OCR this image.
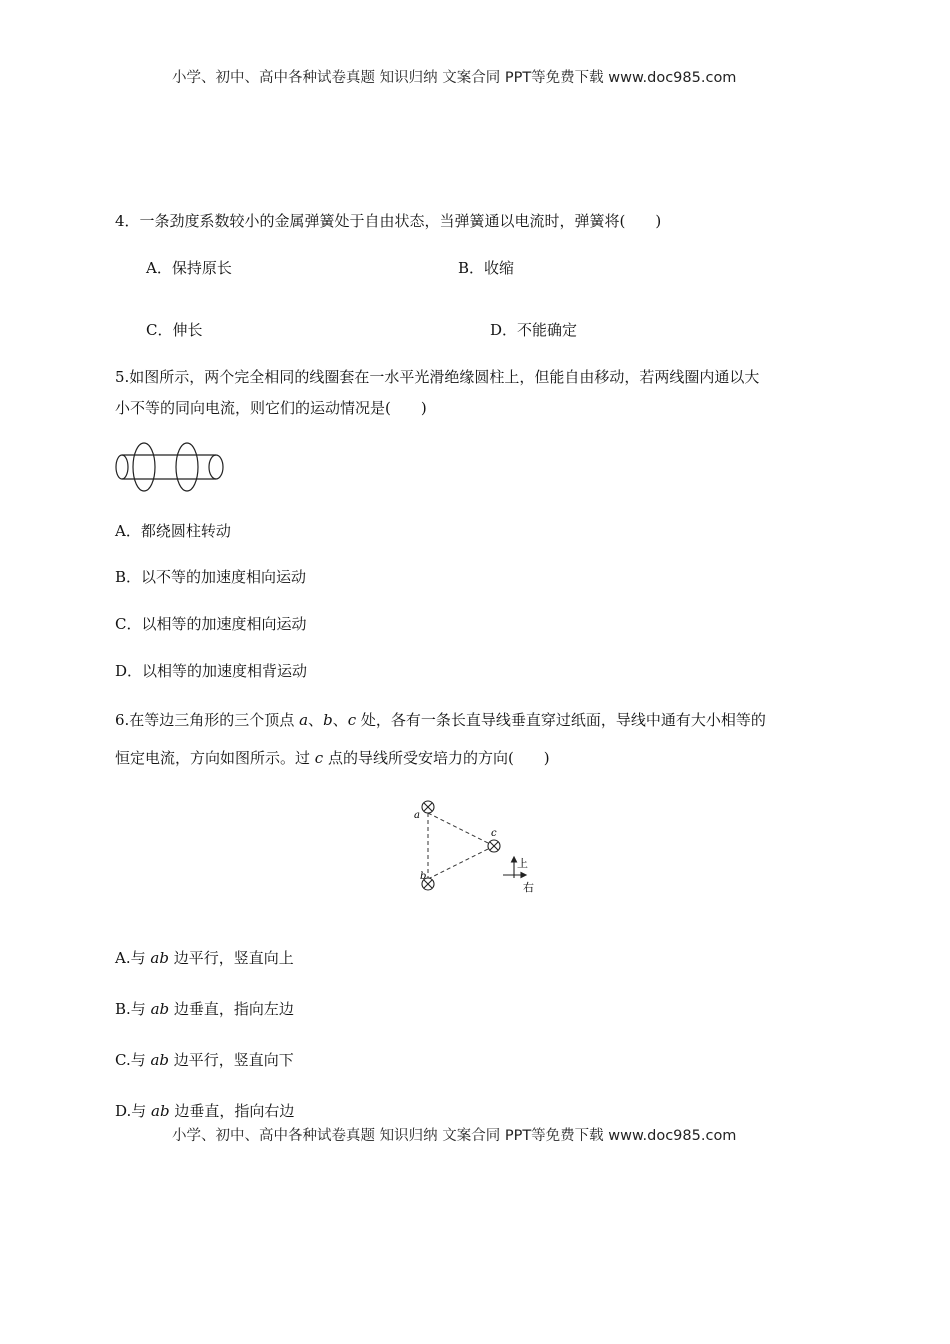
小学、初中、高中各种试卷真题 知识归纳 文案合同 PPT等免费下载 www.doc985.com
4．一条劲度系数较小的金属弹簧处于自由状态，当弹簧通以电流时，弹簧将(　　)
A．保持原长	B．收缩
C．伸长	D．不能确定
5.如图所示，两个完全相同的线圈套在一水平光滑绝缘圆柱上，但能自由移动，若两线圈内通以大
小不等的同向电流，则它们的运动情况是(　　)
A．都绕圆柱转动
B．以不等的加速度相向运动
C．以相等的加速度相向运动
D．以相等的加速度相背运动
6.在等边三角形的三个顶点 a、b、c 处，各有一条长直导线垂直穿过纸面，导线中通有大小相等的
恒定电流，方向如图所示。过 c 点的导线所受安培力的方向(　　)
a
b
c
上
右
A.与 ab 边平行，竖直向上
B.与 ab 边垂直，指向左边
C.与 ab 边平行，竖直向下
D.与 ab 边垂直，指向右边
小学、初中、高中各种试卷真题 知识归纳 文案合同 PPT等免费下载 www.doc985.com
